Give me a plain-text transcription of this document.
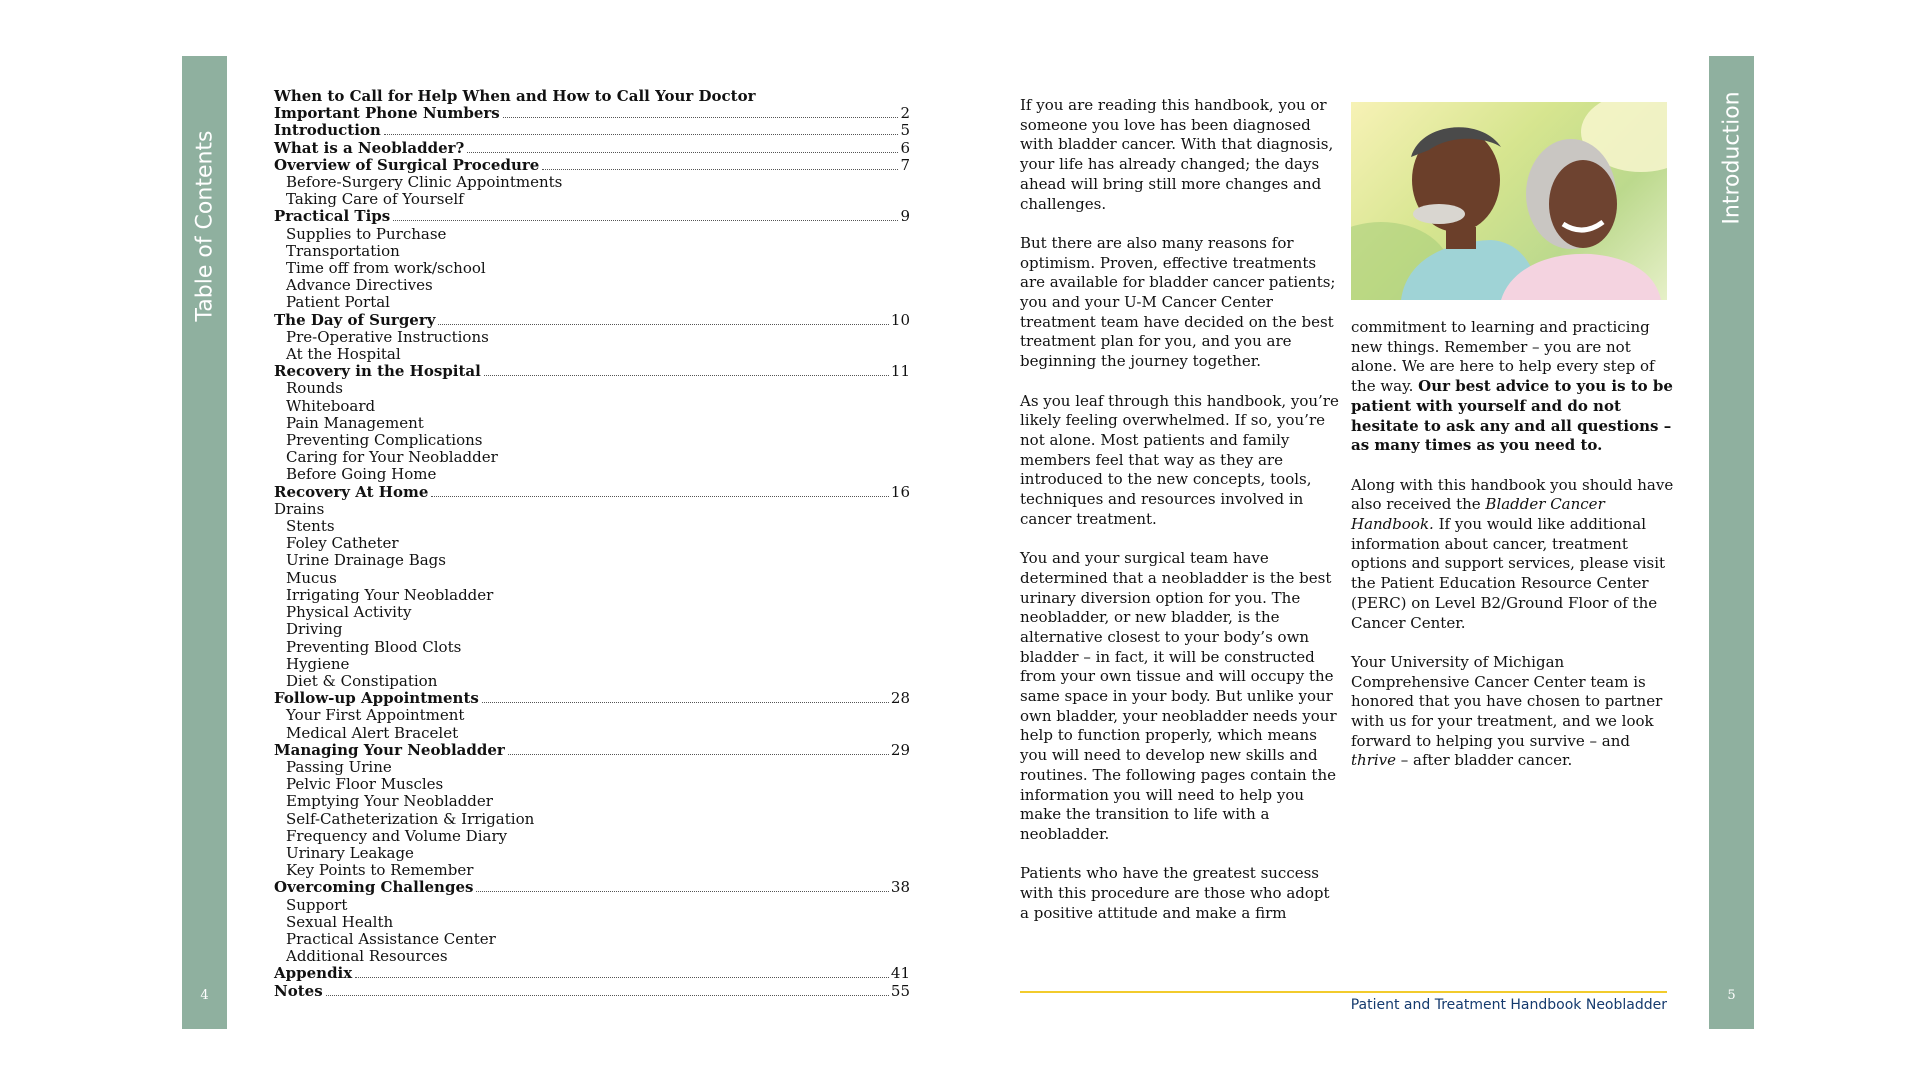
Table of Contents
4
When to Call for Help When and How to Call Your Doctor
Important Phone Numbers	2
Introduction	5
What is a Neobladder?	6
Overview of Surgical Procedure	7
Before-Surgery Clinic Appointments
Taking Care of Yourself
Practical Tips	9
Supplies to Purchase
Transportation
Time off from work/school
Advance Directives
Patient Portal
The Day of Surgery	10
Pre-Operative Instructions
At the Hospital
Recovery in the Hospital	11
Rounds
Whiteboard
Pain Management
Preventing Complications
Caring for Your Neobladder
Before Going Home
Recovery At Home	16
Drains
Stents
Foley Catheter
Urine Drainage Bags
Mucus
Irrigating Your Neobladder
Physical Activity
Driving
Preventing Blood Clots
Hygiene
Diet & Constipation
Follow-up Appointments	28
Your First Appointment
Medical Alert Bracelet
Managing Your Neobladder	29
Passing Urine
Pelvic Floor Muscles
Emptying Your Neobladder
Self-Catheterization & Irrigation
Frequency and Volume Diary
Urinary Leakage
Key Points to Remember
Overcoming Challenges	38
Support
Sexual Health
Practical Assistance Center
Additional Resources
Appendix	41
Notes	55

If you are reading this handbook, you or someone you love has been diagnosed with bladder cancer. With that diagnosis, your life has already changed; the days ahead will bring still more changes and challenges.

But there are also many reasons for optimism. Proven, effective treatments are available for bladder cancer patients; you and your U-M Cancer Center treatment team have decided on the best treatment plan for you, and you are beginning the journey together.

As you leaf through this handbook, you’re likely feeling overwhelmed. If so, you’re not alone. Most patients and family members feel that way as they are introduced to the new concepts, tools, techniques and resources involved in cancer treatment.

You and your surgical team have determined that a neobladder is the best urinary diversion option for you. The neobladder, or new bladder, is the alternative closest to your body’s own bladder – in fact, it will be constructed from your own tissue and will occupy the same space in your body. But unlike your own bladder, your neobladder needs your help to function properly, which means you will need to develop new skills and routines. The following pages contain the information you will need to help you make the transition to life with a neobladder.

Patients who have the greatest success with this procedure are those who adopt a positive attitude and make a firm

commitment to learning and practicing new things. Remember – you are not alone. We are here to help every step of the way. Our best advice to you is to be patient with yourself and do not hesitate to ask any and all questions – as many times as you need to.

Along with this handbook you should have also received the Bladder Cancer Handbook. If you would like additional information about cancer, treatment options and support services, please visit the Patient Education Resource Center (PERC) on Level B2/Ground Floor of the Cancer Center.

Your University of Michigan Comprehensive Cancer Center team is honored that you have chosen to partner with us for your treatment, and we look forward to helping you survive – and thrive – after bladder cancer.

Patient and Treatment Handbook Neobladder
Introduction
5
